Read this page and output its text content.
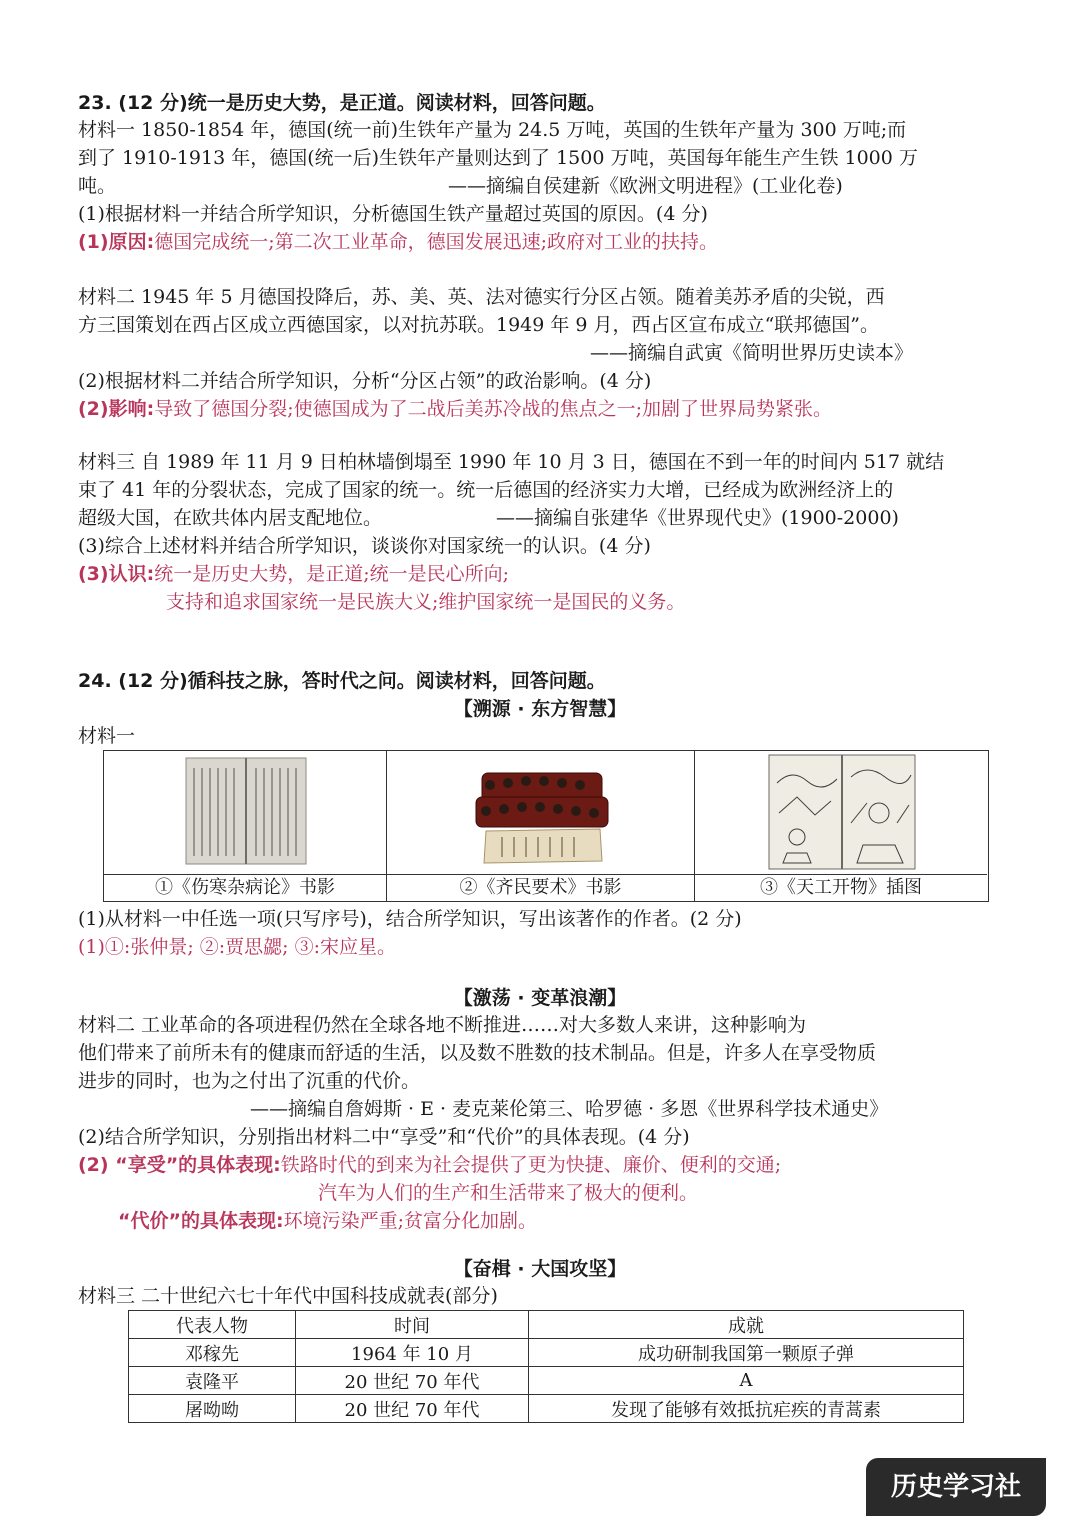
23. (12 分)统一是历史大势，是正道。阅读材料，回答问题。
材料一 1850-1854 年，德国(统一前)生铁年产量为 24.5 万吨，英国的生铁年产量为 300 万吨;而
到了 1910-1913 年，德国(统一后)生铁年产量则达到了 1500 万吨，英国每年能生产生铁 1000 万
吨。	——摘编自侯建新《欧洲文明进程》(工业化卷)
(1)根据材料一并结合所学知识，分析德国生铁产量超过英国的原因。(4 分)
(1)原因:德国完成统一;第二次工业革命，德国发展迅速;政府对工业的扶持。
材料二 1945 年 5 月德国投降后，苏、美、英、法对德实行分区占领。随着美苏矛盾的尖锐，西
方三国策划在西占区成立西德国家，以对抗苏联。1949 年 9 月，西占区宣布成立“联邦德国”。
——摘编自武寅《简明世界历史读本》
(2)根据材料二并结合所学知识，分析“分区占领”的政治影响。(4 分)
(2)影响:导致了德国分裂;使德国成为了二战后美苏冷战的焦点之一;加剧了世界局势紧张。
材料三 自 1989 年 11 月 9 日柏林墙倒塌至 1990 年 10 月 3 日，德国在不到一年的时间内 517 就结
束了 41 年的分裂状态，完成了国家的统一。统一后德国的经济实力大增，已经成为欧洲经济上的
超级大国，在欧共体内居支配地位。	——摘编自张建华《世界现代史》(1900-2000)
(3)综合上述材料并结合所学知识，谈谈你对国家统一的认识。(4 分)
(3)认识:统一是历史大势，是正道;统一是民心所向;
支持和追求国家统一是民族大义;维护国家统一是国民的义务。
24. (12 分)循科技之脉，答时代之问。阅读材料，回答问题。
【溯源 · 东方智慧】
材料一
①《伤寒杂病论》书影	②《齐民要术》书影	③《天工开物》插图
(1)从材料一中任选一项(只写序号)，结合所学知识，写出该著作的作者。(2 分)
(1)①:张仲景; ②:贾思勰; ③:宋应星。
【激荡 · 变革浪潮】
材料二 工业革命的各项进程仍然在全球各地不断推进……对大多数人来讲，这种影响为
他们带来了前所未有的健康而舒适的生活，以及数不胜数的技术制品。但是，许多人在享受物质
进步的同时，也为之付出了沉重的代价。
——摘编自詹姆斯 · E · 麦克莱伦第三、哈罗德 · 多恩《世界科学技术通史》
(2)结合所学知识，分别指出材料二中“享受”和“代价”的具体表现。(4 分)
(2) “享受”的具体表现:铁路时代的到来为社会提供了更为快捷、廉价、便利的交通;
汽车为人们的生产和生活带来了极大的便利。
“代价”的具体表现:环境污染严重;贫富分化加剧。
【奋楫 · 大国攻坚】
材料三 二十世纪六七十年代中国科技成就表(部分)
代表人物	时间	成就
邓稼先	1964 年 10 月	成功研制我国第一颗原子弹
袁隆平	20 世纪 70 年代	A
屠呦呦	20 世纪 70 年代	发现了能够有效抵抗疟疾的青蒿素
历史学习社
